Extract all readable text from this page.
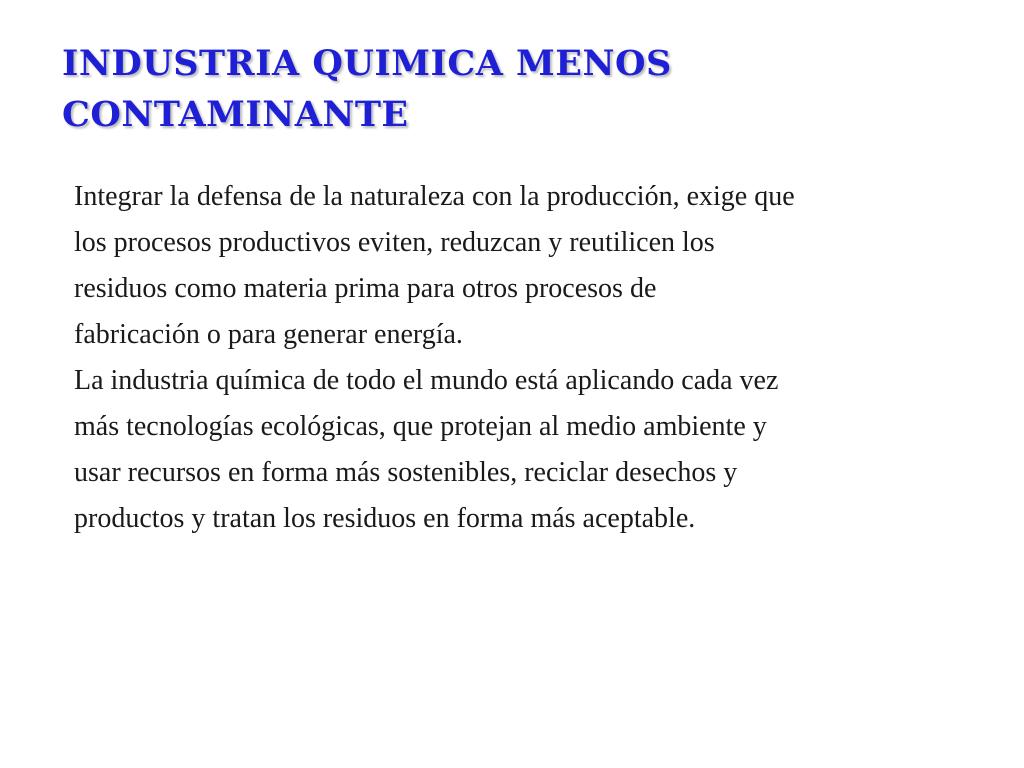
INDUSTRIA QUIMICA MENOS
CONTAMINANTE

Integrar la defensa de la naturaleza con la producción, exige que
los procesos productivos eviten, reduzcan y reutilicen los
residuos como materia prima para otros procesos de
fabricación o para generar energía.

La industria química de todo el mundo está aplicando cada vez
más tecnologías ecológicas, que protejan al medio ambiente y
usar recursos en forma más sostenibles, reciclar desechos y
productos y tratan los residuos en forma más aceptable.
